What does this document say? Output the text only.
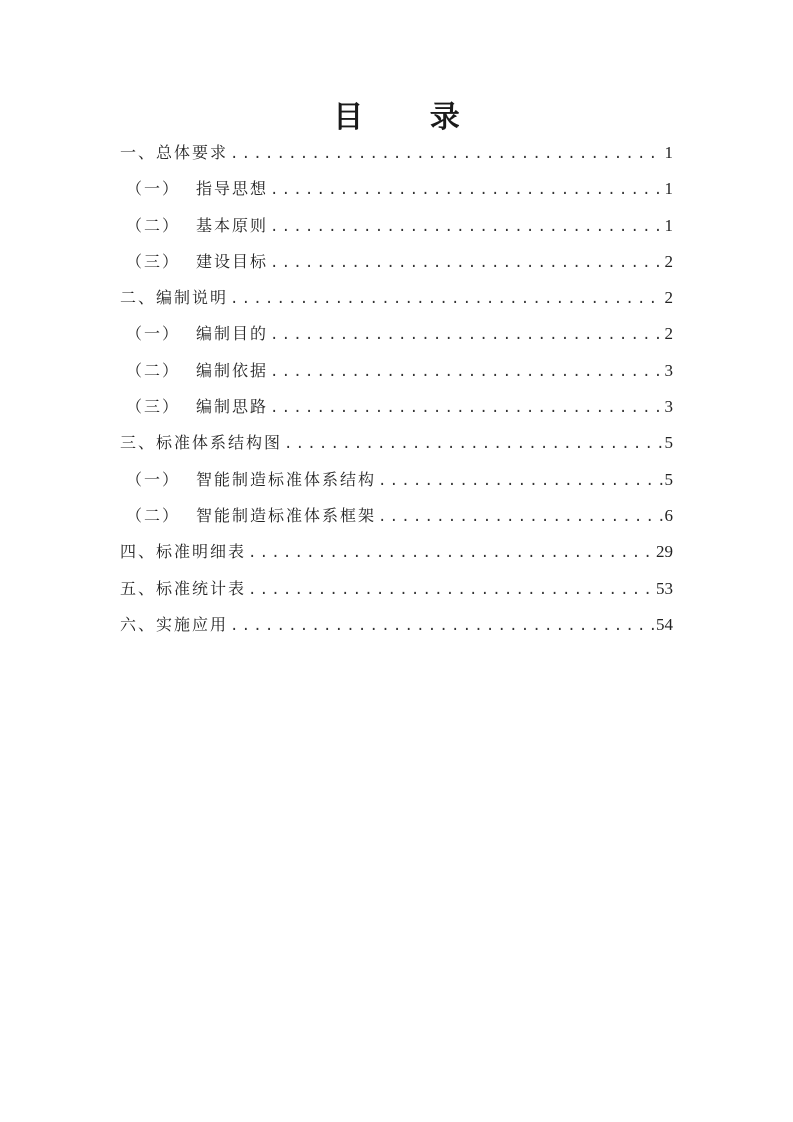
目 录
一、总体要求 .....	1
（一） 指导思想 .....	1
（二） 基本原则 .....	1
（三） 建设目标 .....	2
二、编制说明 .....	2
（一） 编制目的 .....	2
（二） 编制依据 .....	3
（三） 编制思路 .....	3
三、标准体系结构图 .....	5
（一） 智能制造标准体系结构 .....	5
（二） 智能制造标准体系框架 .....	6
四、标准明细表 .....	29
五、标准统计表 .....	53
六、实施应用 .....	54
